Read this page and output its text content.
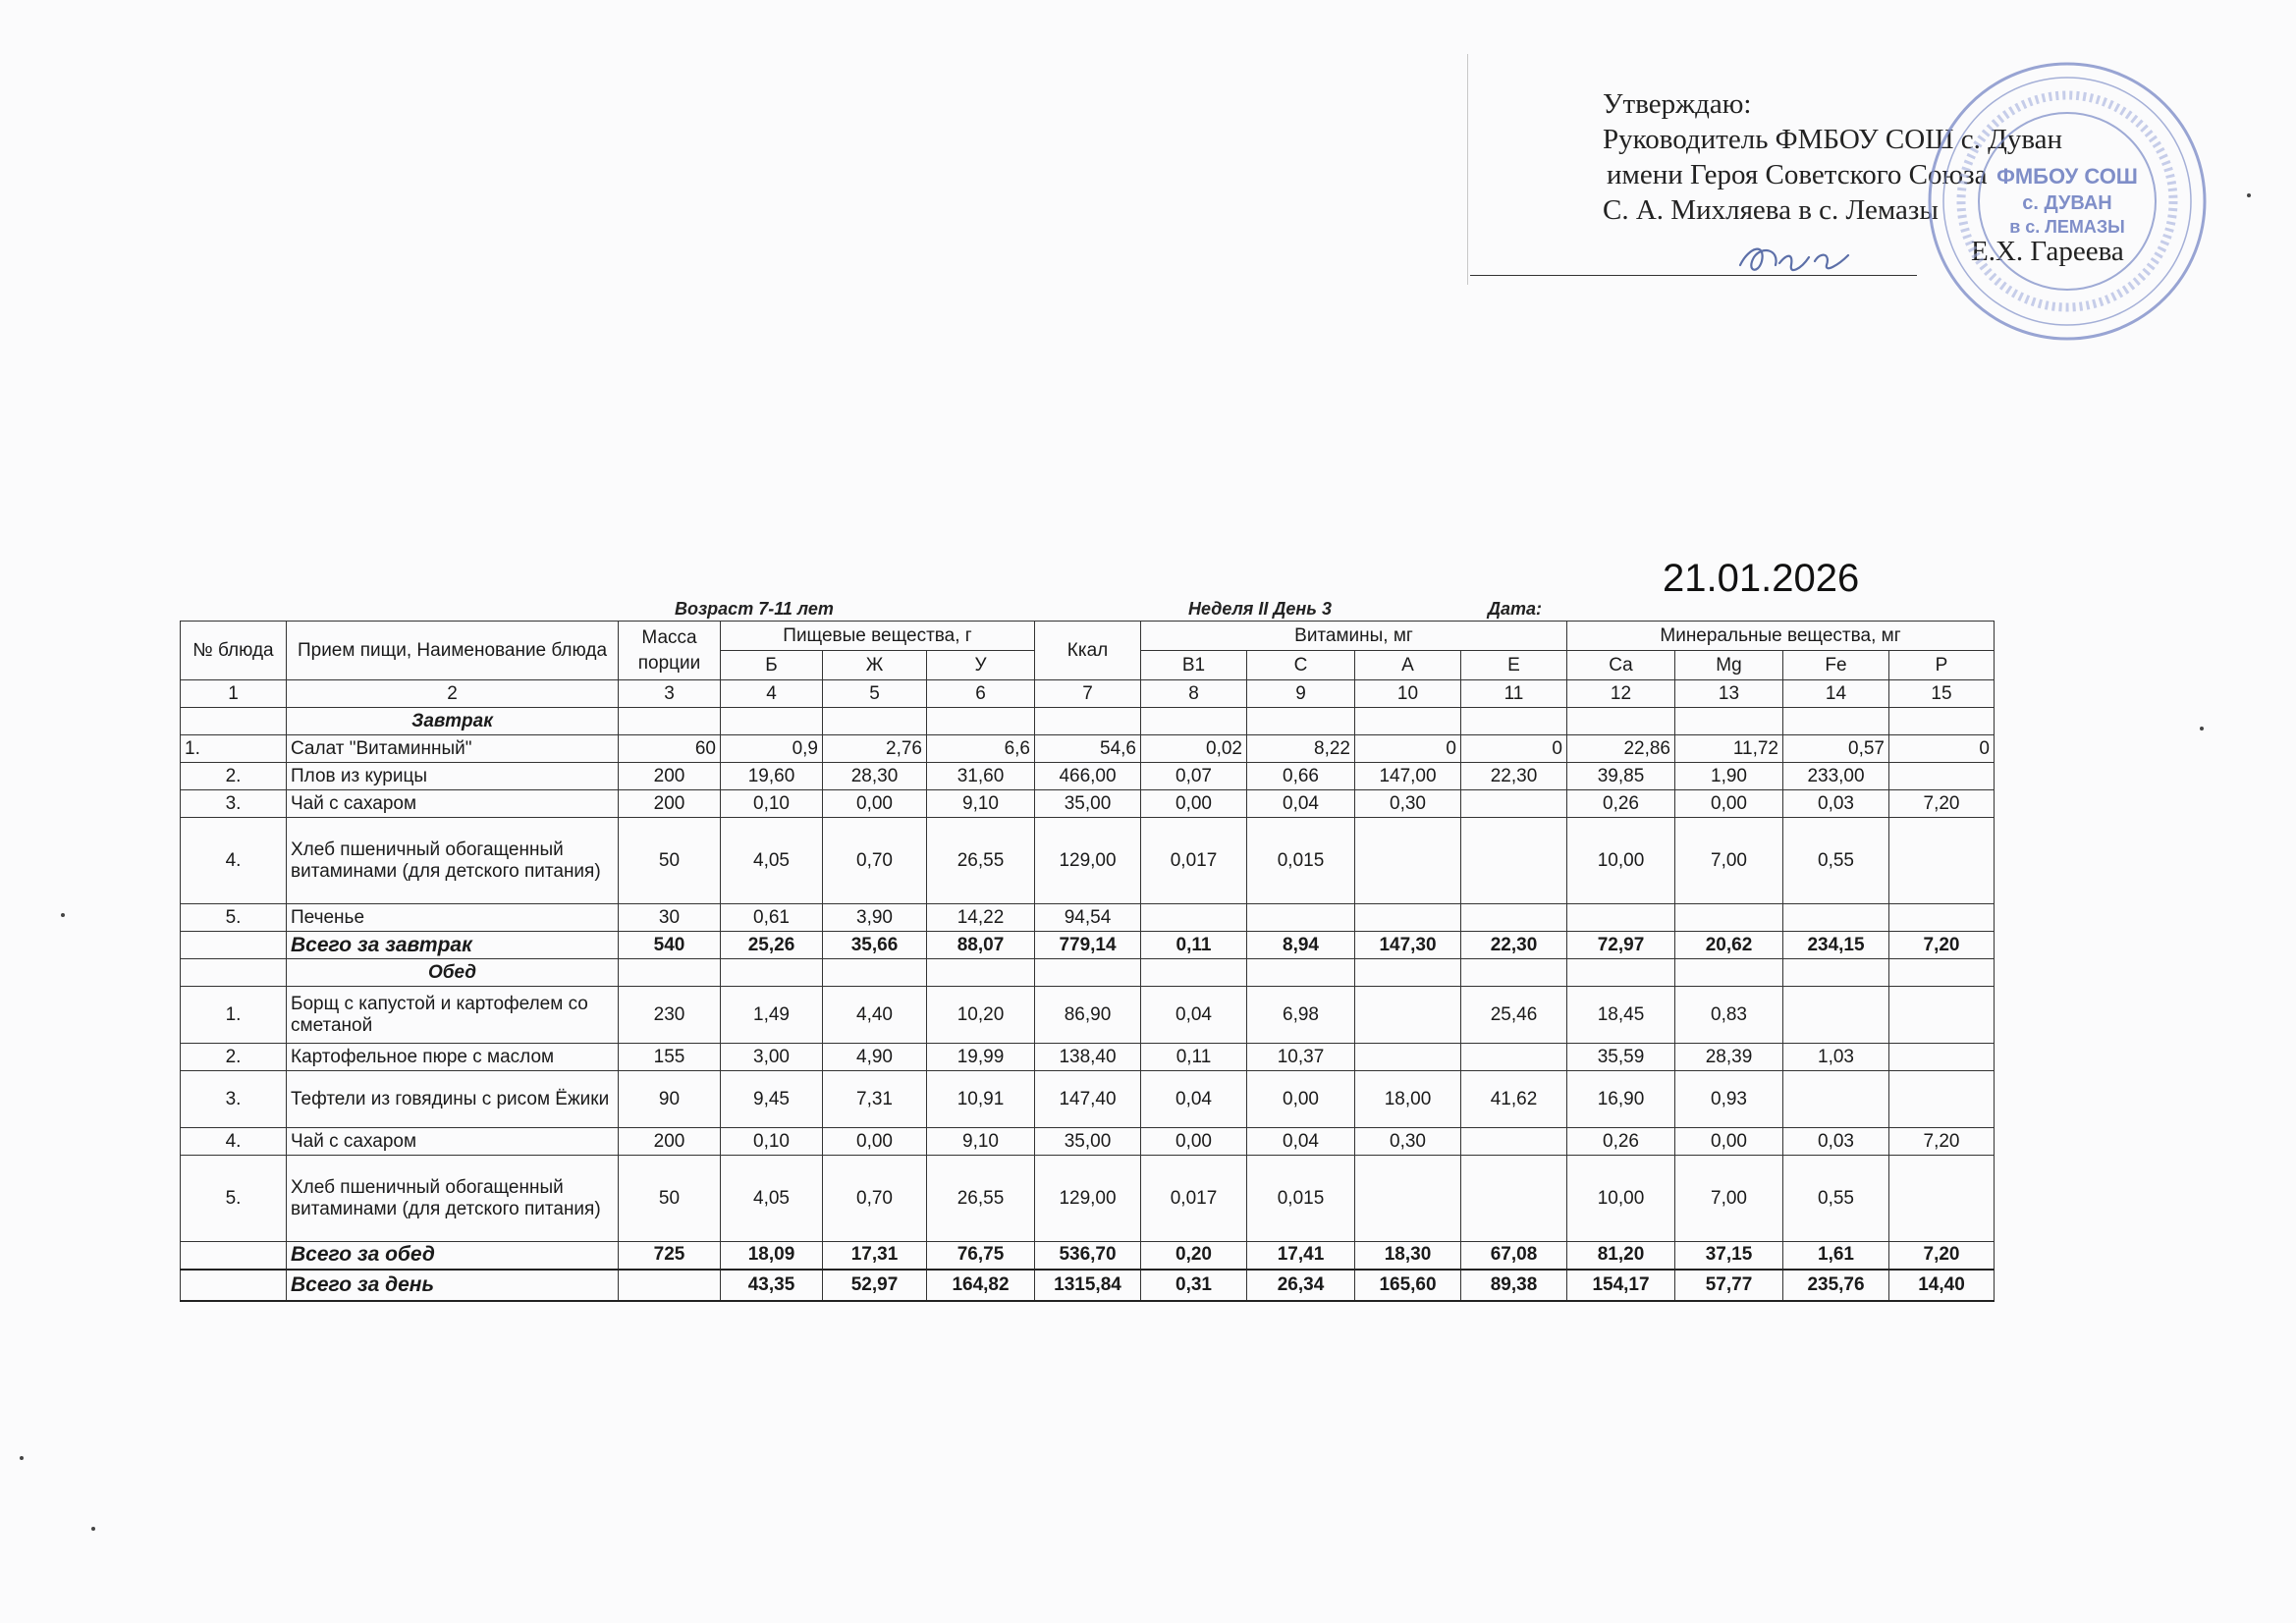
Утверждаю:
Руководитель ФМБОУ СОШ с. Дуван
имени Героя Советского Союза
С. А. Михляева в с. Лемазы
Е.Х. Гареева
ФМБОУ СОШ
с. ДУВАН
в с. ЛЕМАЗЫ
21.01.2026
Возраст 7-11 лет	Неделя II День 3	Дата:
№ блюда	Прием пищи, Наименование блюда	Масса порции	Пищевые вещества, г			Ккал	Витамины, мг				Минеральные вещества, мг			
			Б	Ж	У		В1	С	А	Е	Са	Mg	Fe	P
1	2	3	4	5	6	7	8	9	10	11	12	13	14	15
	Завтрак													
1.	Салат "Витаминный"	60	0,9	2,76	6,6	54,6	0,02	8,22	0	0	22,86	11,72	0,57	0
2.	Плов из курицы	200	19,60	28,30	31,60	466,00	0,07	0,66	147,00	22,30	39,85	1,90	233,00	
3.	Чай с сахаром	200	0,10	0,00	9,10	35,00	0,00	0,04	0,30		0,26	0,00	0,03	7,20
4.	Хлеб пшеничный обогащенный витаминами (для детского питания)	50	4,05	0,70	26,55	129,00	0,017	0,015			10,00	7,00	0,55	
5.	Печенье	30	0,61	3,90	14,22	94,54								
	Всего за завтрак	540	25,26	35,66	88,07	779,14	0,11	8,94	147,30	22,30	72,97	20,62	234,15	7,20
	Обед													
1.	Борщ с капустой и картофелем со сметаной	230	1,49	4,40	10,20	86,90	0,04	6,98		25,46	18,45	0,83		
2.	Картофельное пюре с маслом	155	3,00	4,90	19,99	138,40	0,11	10,37			35,59	28,39	1,03	
3.	Тефтели из говядины с рисом Ёжики	90	9,45	7,31	10,91	147,40	0,04	0,00	18,00	41,62	16,90	0,93		
4.	Чай с сахаром	200	0,10	0,00	9,10	35,00	0,00	0,04	0,30		0,26	0,00	0,03	7,20
5.	Хлеб пшеничный обогащенный витаминами (для детского питания)	50	4,05	0,70	26,55	129,00	0,017	0,015			10,00	7,00	0,55	
	Всего за обед	725	18,09	17,31	76,75	536,70	0,20	17,41	18,30	67,08	81,20	37,15	1,61	7,20
	Всего за день		43,35	52,97	164,82	1315,84	0,31	26,34	165,60	89,38	154,17	57,77	235,76	14,40
